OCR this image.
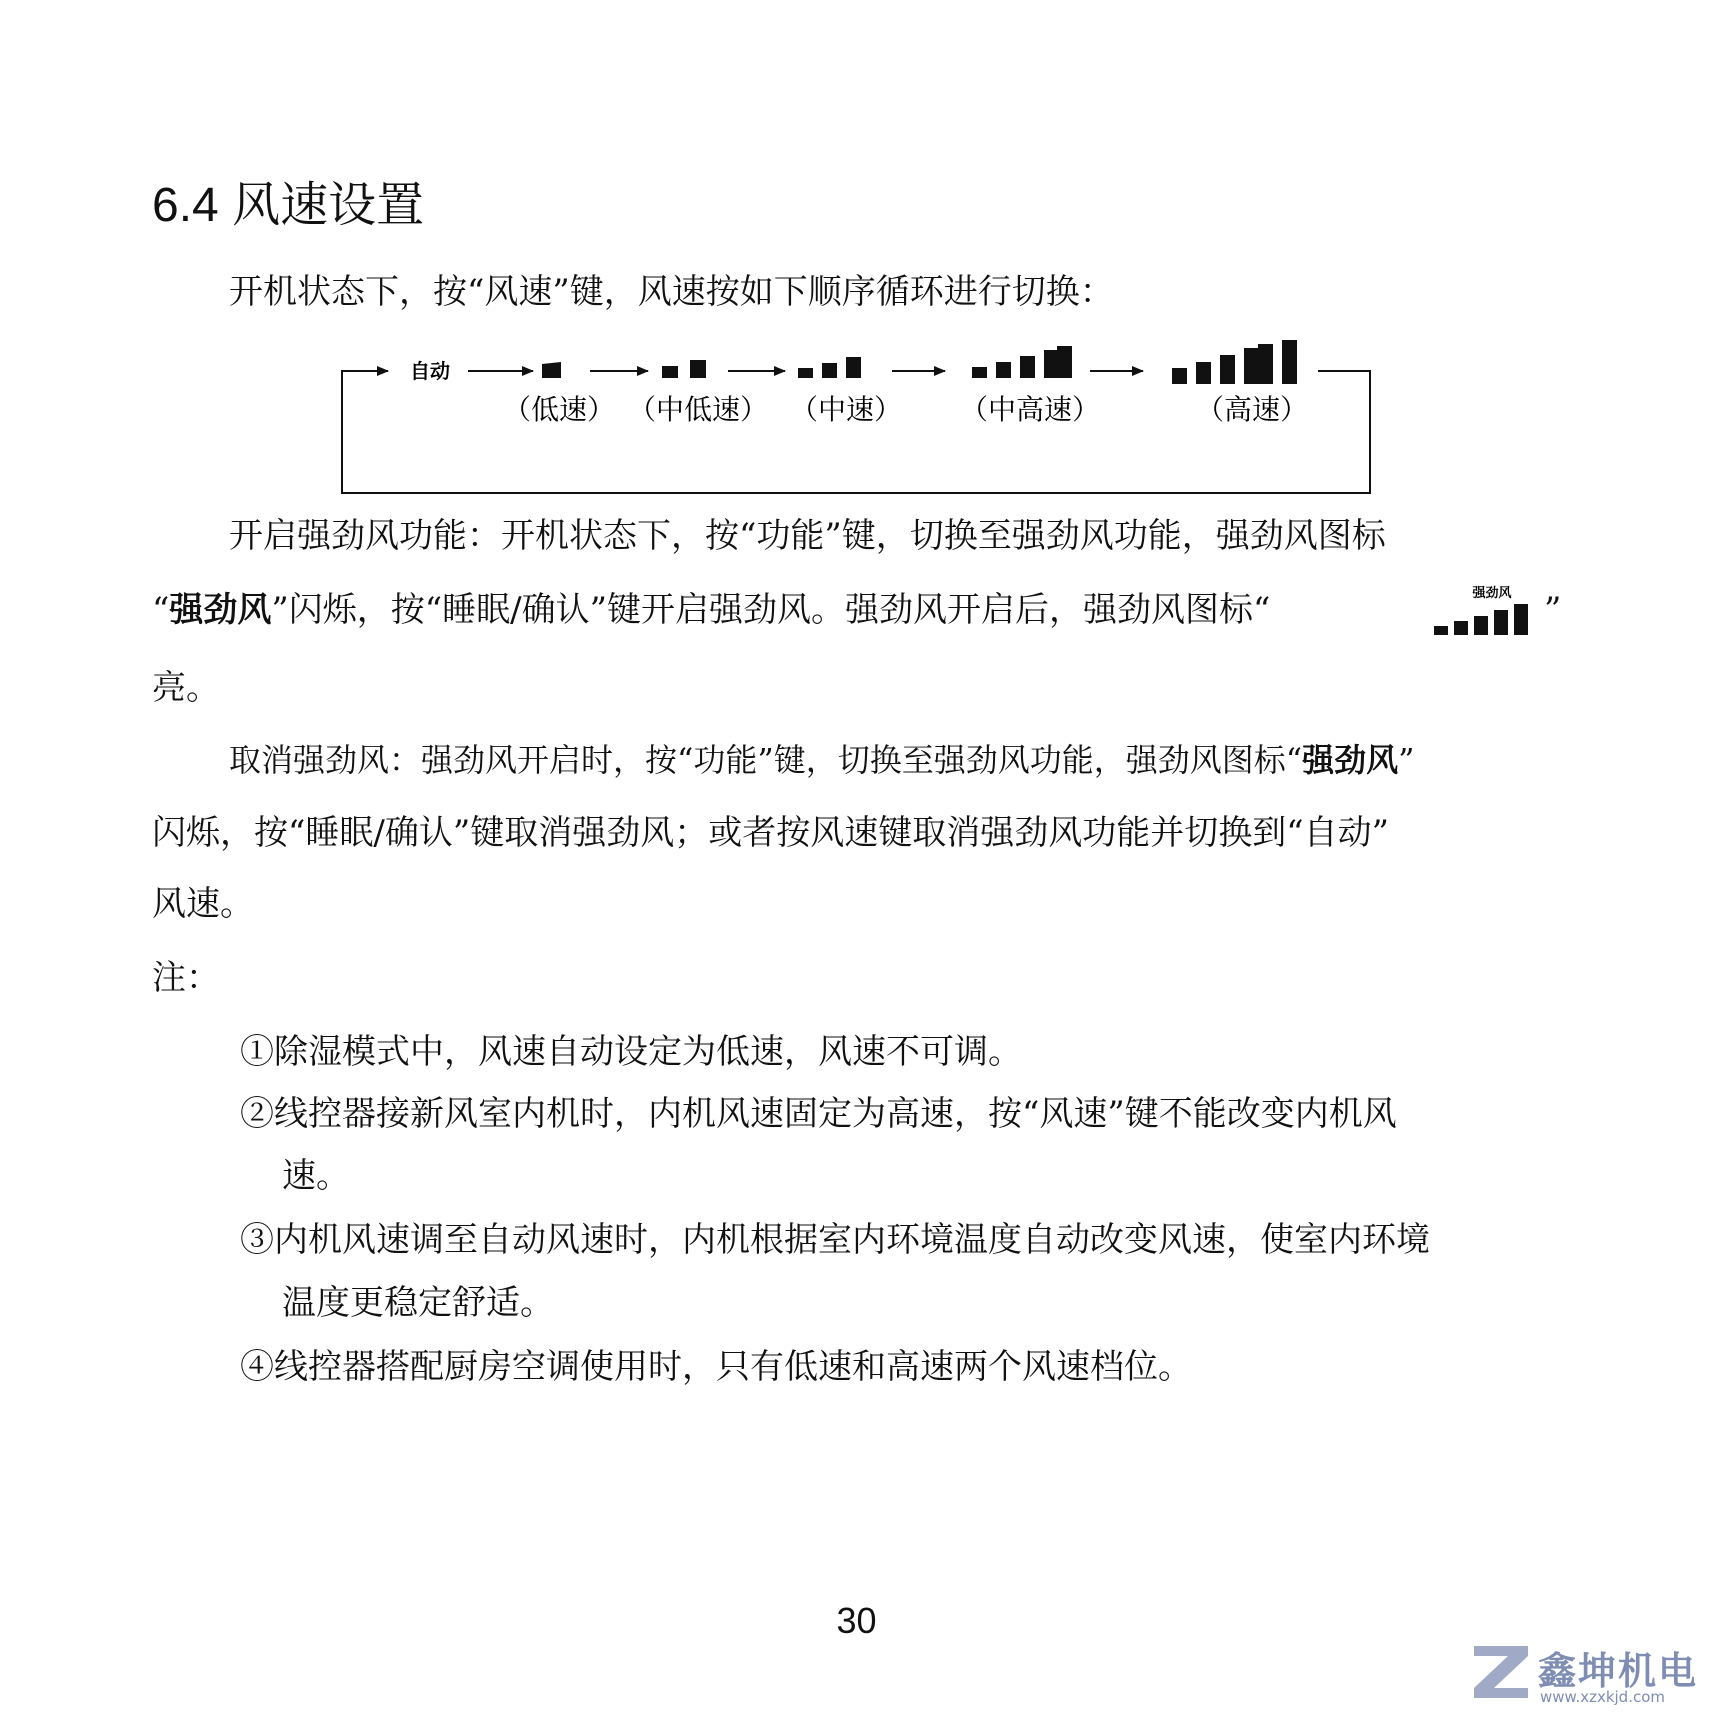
6.4 风速设置
开机状态下，按“风速”键，风速按如下顺序循环进行切换：
自动
（低速） （中低速） （中速） （中高速）	（高速）
开启强劲风功能：开机状态下，按“功能”键，切换至强劲风功能，强劲风图标
“强劲风”闪烁，按“睡眠/确认”键开启强劲风。强劲风开启后，强劲风图标“	强劲风 ”
亮。
取消强劲风：强劲风开启时，按“功能”键，切换至强劲风功能，强劲风图标“强劲风”
闪烁，按“睡眠/确认”键取消强劲风；或者按风速键取消强劲风功能并切换到“自动”
风速。
注：
①除湿模式中，风速自动设定为低速，风速不可调。
②线控器接新风室内机时，内机风速固定为高速，按“风速”键不能改变内机风
速。
③内机风速调至自动风速时，内机根据室内环境温度自动改变风速，使室内环境
温度更稳定舒适。
④线控器搭配厨房空调使用时，只有低速和高速两个风速档位。
30
鑫坤机电
www.xzxkjd.com
